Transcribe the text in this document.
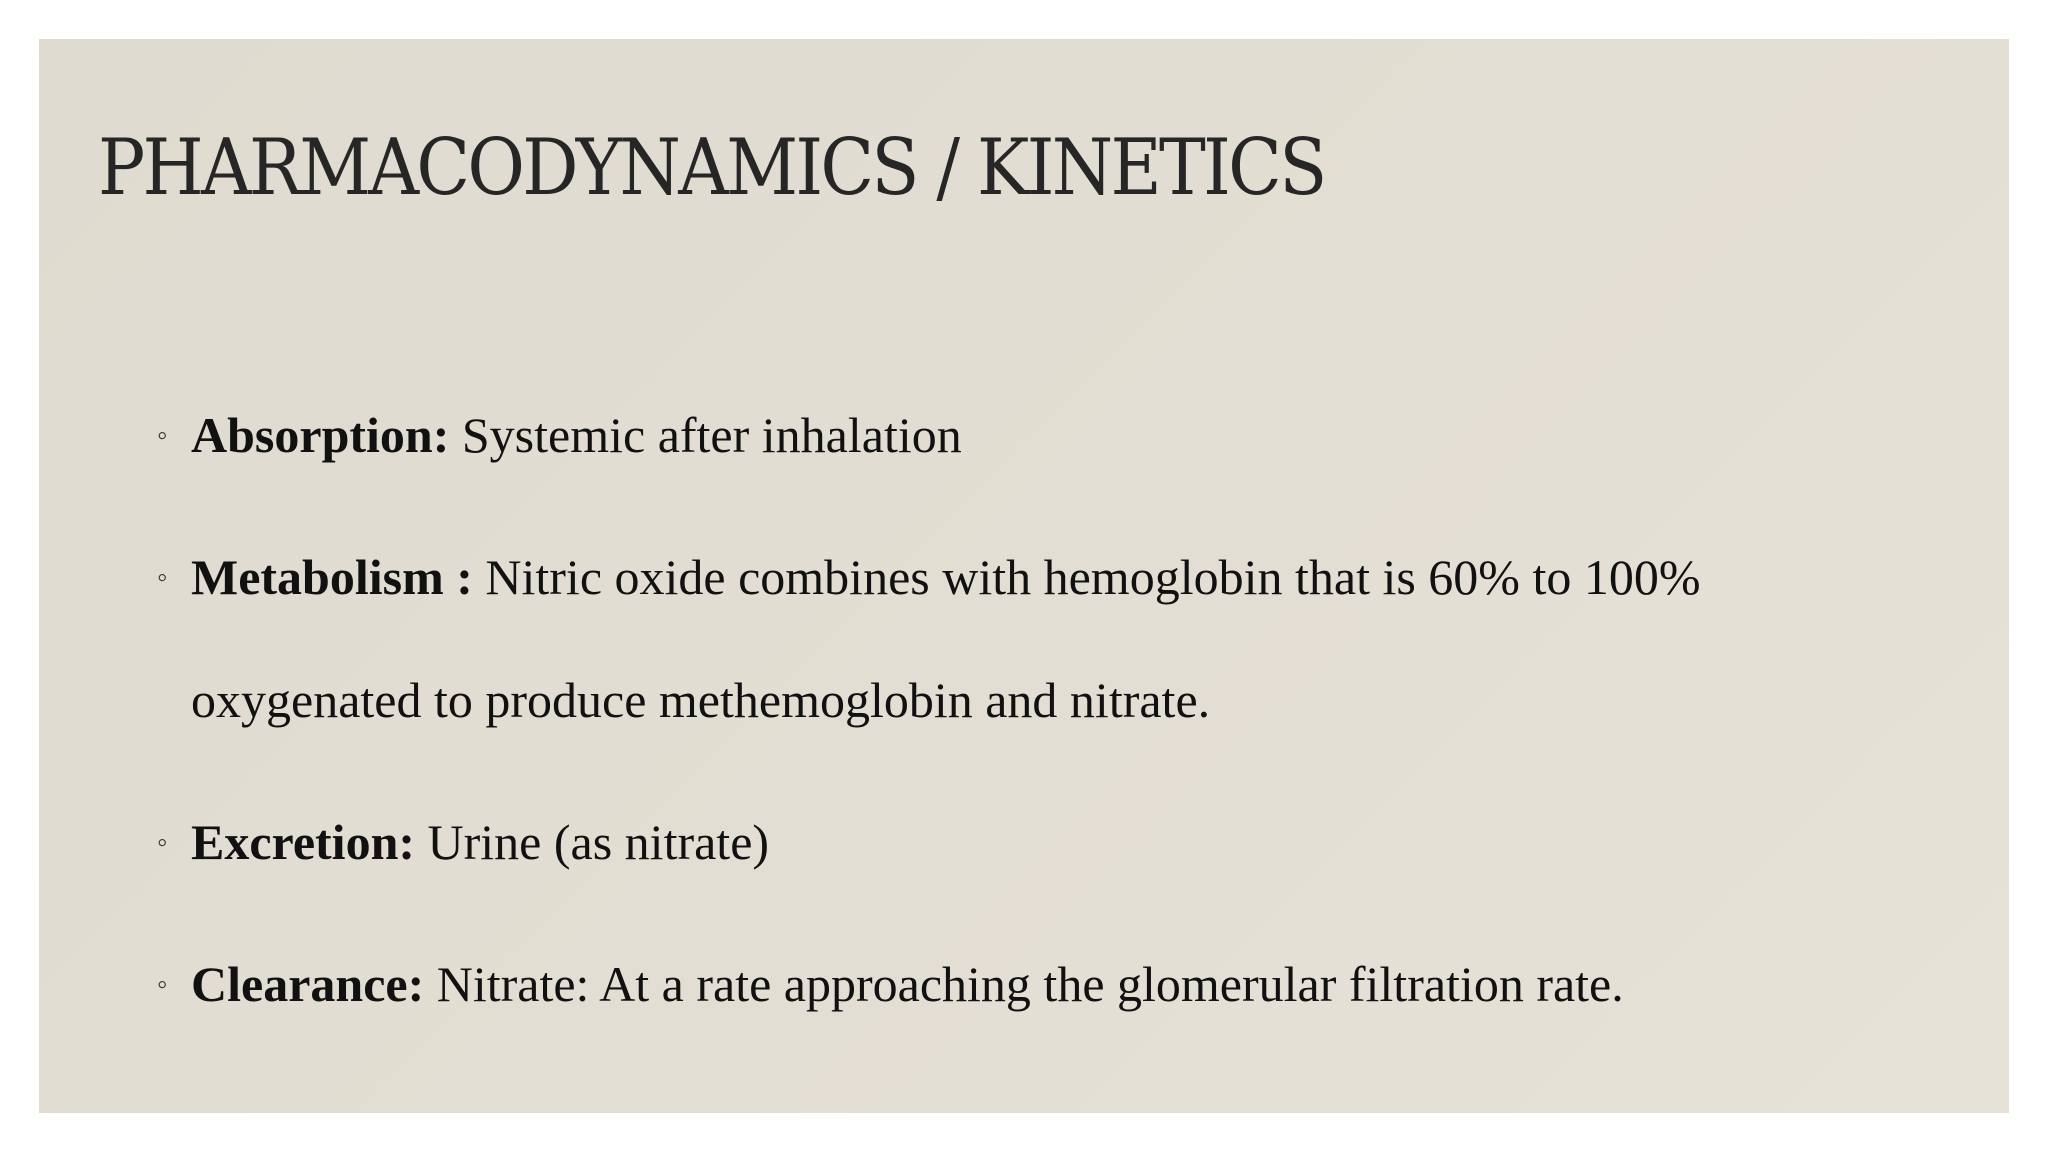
PHARMACODYNAMICS / KINETICS
◦ Absorption: Systemic after inhalation
◦ Metabolism : Nitric oxide combines with hemoglobin that is 60% to 100% oxygenated to produce methemoglobin and nitrate.
◦ Excretion: Urine (as nitrate)
◦ Clearance: Nitrate: At a rate approaching the glomerular filtration rate.
